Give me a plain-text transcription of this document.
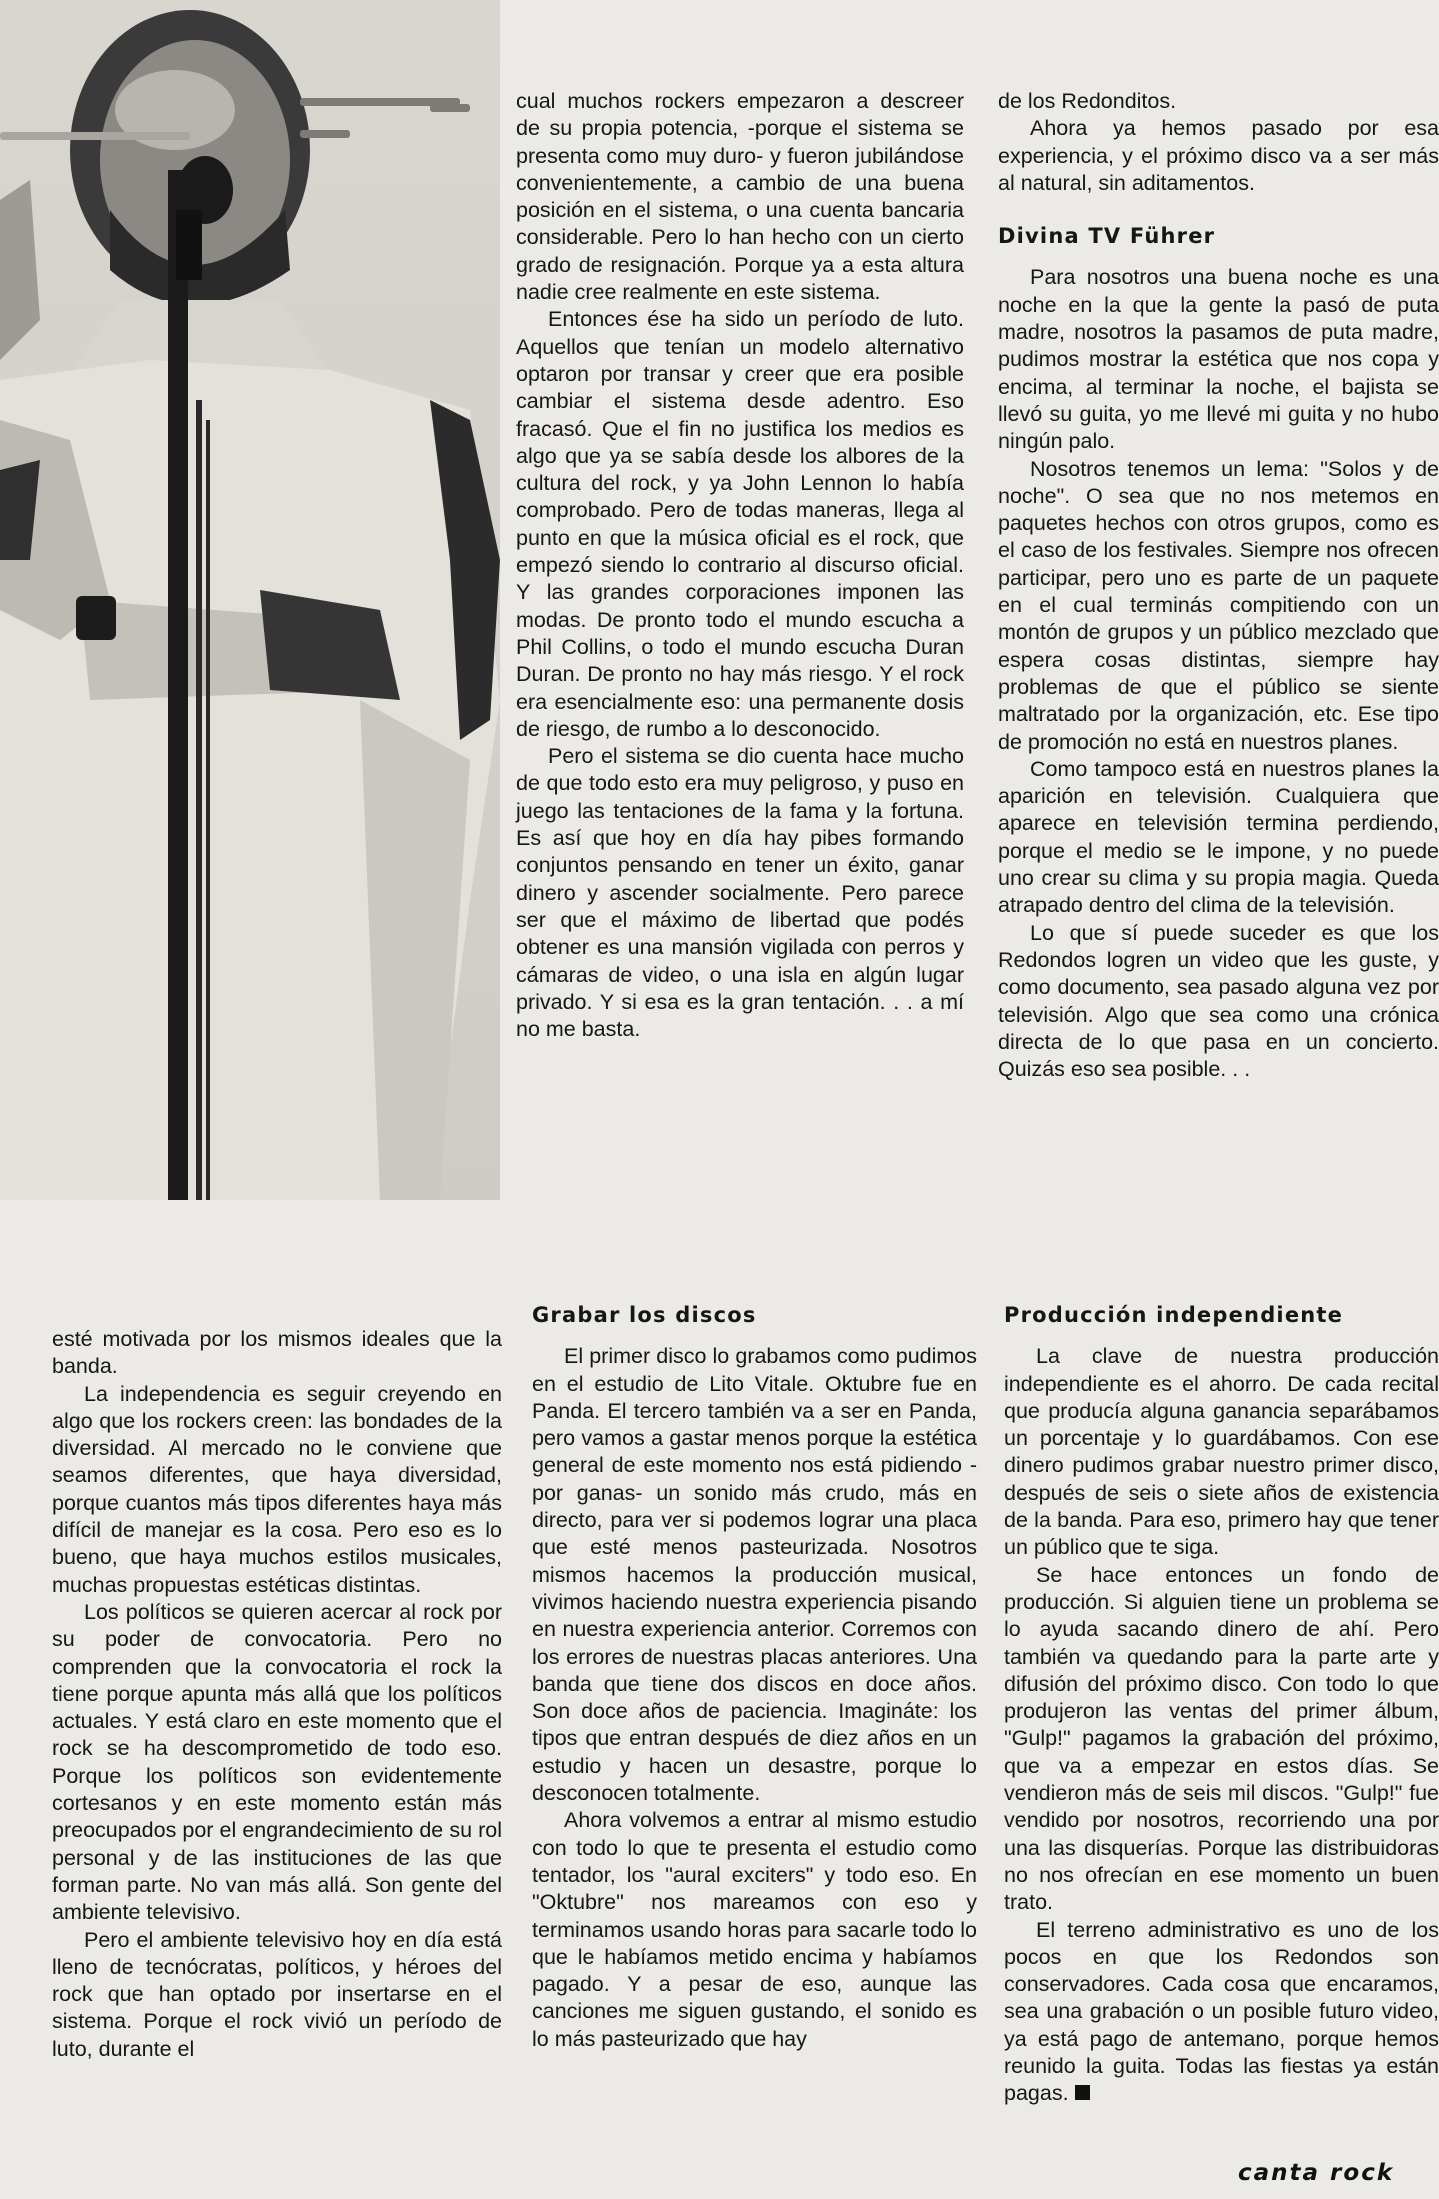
cual muchos rockers empezaron a descreer de su propia potencia, -porque el sistema se presenta como muy duro- y fueron jubilándose convenientemente, a cambio de una buena posición en el sistema, o una cuenta bancaria considerable. Pero lo han hecho con un cierto grado de resignación. Porque ya a esta altura nadie cree realmente en este sistema.

Entonces ése ha sido un período de luto. Aquellos que tenían un modelo alternativo optaron por transar y creer que era posible cambiar el sistema desde adentro. Eso fracasó. Que el fin no justifica los medios es algo que ya se sabía desde los albores de la cultura del rock, y ya John Lennon lo había comprobado. Pero de todas maneras, llega al punto en que la música oficial es el rock, que empezó siendo lo contrario al discurso oficial. Y las grandes corporaciones imponen las modas. De pronto todo el mundo escucha a Phil Collins, o todo el mundo escucha Duran Duran. De pronto no hay más riesgo. Y el rock era esencialmente eso: una permanente dosis de riesgo, de rumbo a lo desconocido.

Pero el sistema se dio cuenta hace mucho de que todo esto era muy peligroso, y puso en juego las tentaciones de la fama y la fortuna. Es así que hoy en día hay pibes formando conjuntos pensando en tener un éxito, ganar dinero y ascender socialmente. Pero parece ser que el máximo de libertad que podés obtener es una mansión vigilada con perros y cámaras de video, o una isla en algún lugar privado. Y si esa es la gran tentación. . . a mí no me basta.

de los Redonditos.

Ahora ya hemos pasado por esa experiencia, y el próximo disco va a ser más al natural, sin aditamentos.

Divina TV Führer

Para nosotros una buena noche es una noche en la que la gente la pasó de puta madre, nosotros la pasamos de puta madre, pudimos mostrar la estética que nos copa y encima, al terminar la noche, el bajista se llevó su guita, yo me llevé mi guita y no hubo ningún palo.

Nosotros tenemos un lema: "Solos y de noche". O sea que no nos metemos en paquetes hechos con otros grupos, como es el caso de los festivales. Siempre nos ofrecen participar, pero uno es parte de un paquete en el cual terminás compitiendo con un montón de grupos y un público mezclado que espera cosas distintas, siempre hay problemas de que el público se siente maltratado por la organización, etc. Ese tipo de promoción no está en nuestros planes.

Como tampoco está en nuestros planes la aparición en televisión. Cualquiera que aparece en televisión termina perdiendo, porque el medio se le impone, y no puede uno crear su clima y su propia magia. Queda atrapado dentro del clima de la televisión.

Lo que sí puede suceder es que los Redondos logren un video que les guste, y como documento, sea pasado alguna vez por televisión. Algo que sea como una crónica directa de lo que pasa en un concierto. Quizás eso sea posible. . .

esté motivada por los mismos ideales que la banda.

La independencia es seguir creyendo en algo que los rockers creen: las bondades de la diversidad. Al mercado no le conviene que seamos diferentes, que haya diversidad, porque cuantos más tipos diferentes haya más difícil de manejar es la cosa. Pero eso es lo bueno, que haya muchos estilos musicales, muchas propuestas estéticas distintas.

Los políticos se quieren acercar al rock por su poder de convocatoria. Pero no comprenden que la convocatoria el rock la tiene porque apunta más allá que los políticos actuales. Y está claro en este momento que el rock se ha descomprometido de todo eso. Porque los políticos son evidentemente cortesanos y en este momento están más preocupados por el engrandecimiento de su rol personal y de las instituciones de las que forman parte. No van más allá. Son gente del ambiente televisivo.

Pero el ambiente televisivo hoy en día está lleno de tecnócratas, políticos, y héroes del rock que han optado por insertarse en el sistema. Porque el rock vivió un período de luto, durante el

Grabar los discos

El primer disco lo grabamos como pudimos en el estudio de Lito Vitale. Oktubre fue en Panda. El tercero también va a ser en Panda, pero vamos a gastar menos porque la estética general de este momento nos está pidiendo -por ganas- un sonido más crudo, más en directo, para ver si podemos lograr una placa que esté menos pasteurizada. Nosotros mismos hacemos la producción musical, vivimos haciendo nuestra experiencia pisando en nuestra experiencia anterior. Corremos con los errores de nuestras placas anteriores. Una banda que tiene dos discos en doce años. Son doce años de paciencia. Imagináte: los tipos que entran después de diez años en un estudio y hacen un desastre, porque lo desconocen totalmente.

Ahora volvemos a entrar al mismo estudio con todo lo que te presenta el estudio como tentador, los "aural exciters" y todo eso. En "Oktubre" nos mareamos con eso y terminamos usando horas para sacarle todo lo que le habíamos metido encima y habíamos pagado. Y a pesar de eso, aunque las canciones me siguen gustando, el sonido es lo más pasteurizado que hay

Producción independiente

La clave de nuestra producción independiente es el ahorro. De cada recital que producía alguna ganancia separábamos un porcentaje y lo guardábamos. Con ese dinero pudimos grabar nuestro primer disco, después de seis o siete años de existencia de la banda. Para eso, primero hay que tener un público que te siga.

Se hace entonces un fondo de producción. Si alguien tiene un problema se lo ayuda sacando dinero de ahí. Pero también va quedando para la parte arte y difusión del próximo disco. Con todo lo que produjeron las ventas del primer álbum, "Gulp!" pagamos la grabación del próximo, que va a empezar en estos días. Se vendieron más de seis mil discos. "Gulp!" fue vendido por nosotros, recorriendo una por una las disquerías. Porque las distribuidoras no nos ofrecían en ese momento un buen trato.

El terreno administrativo es uno de los pocos en que los Redondos son conservadores. Cada cosa que encaramos, sea una grabación o un posible futuro video, ya está pago de antemano, porque hemos reunido la guita. Todas las fiestas ya están pagas.

canta rock
